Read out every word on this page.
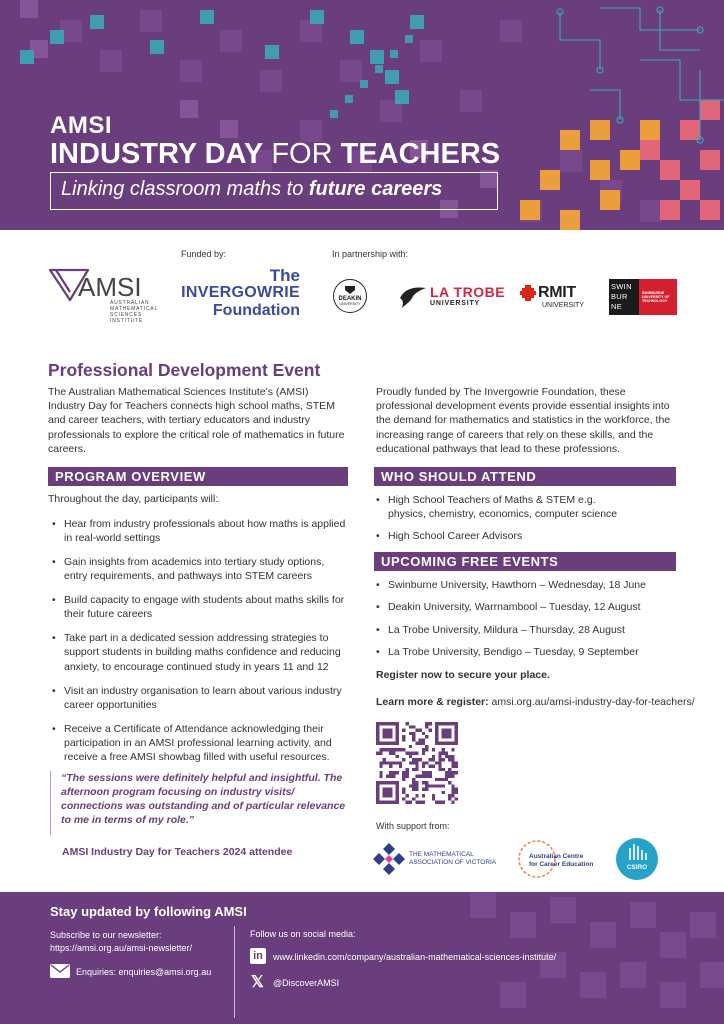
AMSI
INDUSTRY DAY FOR TEACHERS
Linking classroom maths to future careers
Funded by:	In partnership with:
AMSI
AUSTRALIAN
MATHEMATICAL
SCIENCES
INSTITUTE
The
INVERGOWRIE
Foundation
DEAKIN
UNIVERSITY
LA TROBE
UNIVERSITY
RMIT
UNIVERSITY
SWIN
BUR
NE
SWINBURNE
UNIVERSITY OF
TECHNOLOGY
Professional Development Event

The Australian Mathematical Sciences Institute's (AMSI) Industry Day for Teachers connects high school maths, STEM and career teachers, with tertiary educators and industry professionals to explore the critical role of mathematics in future careers.

Proudly funded by The Invergowrie Foundation, these professional development events provide essential insights into the demand for mathematics and statistics in the workforce, the increasing range of careers that rely on these skills, and the educational pathways that lead to these professions.

PROGRAM OVERVIEW
Throughout the day, participants will:
• Hear from industry professionals about how maths is applied in real-world settings
• Gain insights from academics into tertiary study options, entry requirements, and pathways into STEM careers
• Build capacity to engage with students about maths skills for their future careers
• Take part in a dedicated session addressing strategies to support students in building maths confidence and reducing anxiety, to encourage continued study in years 11 and 12
• Visit an industry organisation to learn about various industry career opportunities
• Receive a Certificate of Attendance acknowledging their participation in an AMSI professional learning activity, and receive a free AMSI showbag filled with useful resources.

“The sessions were definitely helpful and insightful. The afternoon program focusing on industry visits/ connections was outstanding and of particular relevance to me in terms of my role.”

AMSI Industry Day for Teachers 2024 attendee
WHO SHOULD ATTEND
• High School Teachers of Maths & STEM e.g.
physics, chemistry, economics, computer science
• High School Career Advisors
UPCOMING FREE EVENTS
• Swinburne University, Hawthorn – Wednesday, 18 June
• Deakin University, Warrnambool – Tuesday, 12 August
• La Trobe University, Mildura – Thursday, 28 August
• La Trobe University, Bendigo – Tuesday, 9 September
Register now to secure your place.
Learn more & register: amsi.org.au/amsi-industry-day-for-teachers/
With support from:
THE MATHEMATICAL
ASSOCIATION OF VICTORIA
Australian Centre
for Career Education	CSIRO
Stay updated by following AMSI
Subscribe to our newsletter:
https://amsi.org.au/amsi-newsletter/
Enquiries: enquiries@amsi.org.au
Follow us on social media:
in	www.linkedin.com/company/australian-mathematical-sciences-institute/
𝕏	@DiscoverAMSI
